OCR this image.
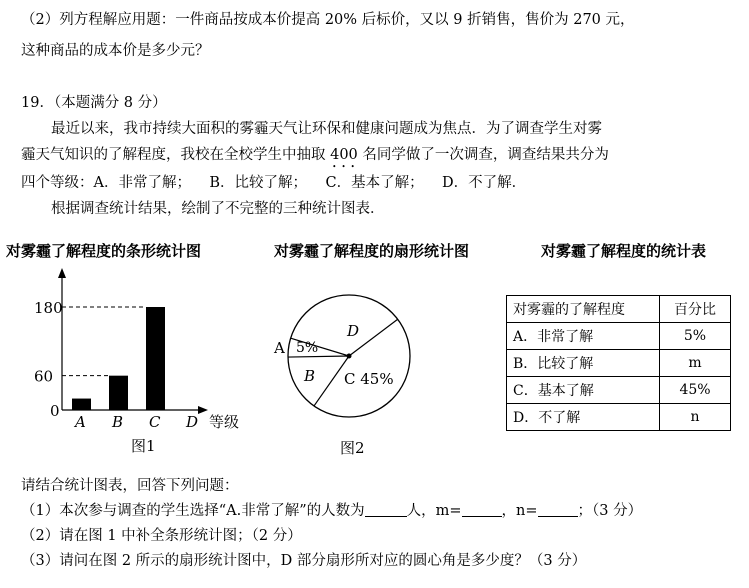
（2）列方程解应用题：一件商品按成本价提高 20% 后标价，又以 9 折销售，售价为 270 元，
这种商品的成本价是多少元？
19．（本题满分 8 分）
最近以来，我市持续大面积的雾霾天气让环保和健康问题成为焦点．为了调查学生对雾
霾天气知识的了解程度，我校在全校学生中抽取 400 名同学做了一次调查，调查结果共分为
四个等级：A．非常了解；    B．比较了解；    C．基本了解；    D．不了解．
根据调查统计结果，绘制了不完整的三种统计图表．
对雾霾了解程度的条形统计图	对雾霾了解程度的扇形统计图	对雾霾了解程度的统计表
0
60
180
A B C D 等级
图1	图2
A 5%
B C 45%
D
对雾霾的了解程度	百分比
A．非常了解	5%
B．比较了解	m
C．基本了解	45%
D．不了解	n
请结合统计图表，回答下列问题：
（1）本次参与调查的学生选择“A.非常了解”的人数为	人，m=	，n=	；（3 分）
（2）请在图 1 中补全条形统计图；（2 分）
（3）请问在图 2 所示的扇形统计图中，D 部分扇形所对应的圆心角是多少度？（3 分）
